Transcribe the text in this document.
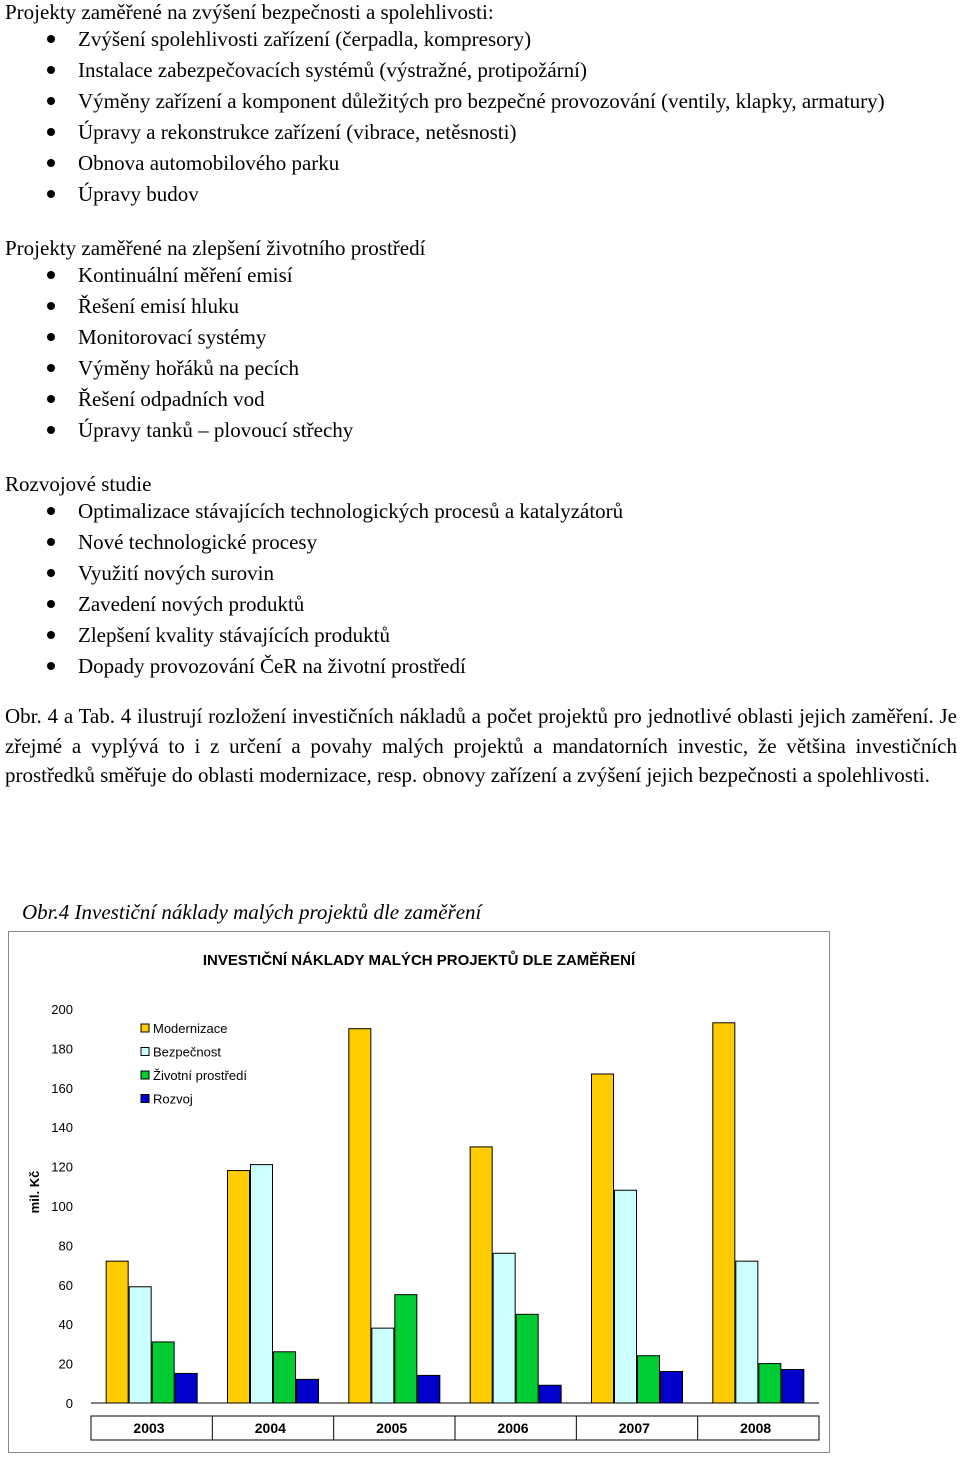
Projekty zaměřené na zvýšení bezpečnosti a spolehlivosti:

Zvýšení spolehlivosti zařízení (čerpadla, kompresory)
Instalace zabezpečovacích systémů (výstražné, protipožární)
Výměny zařízení a komponent důležitých pro bezpečné provozování (ventily, klapky, armatury)
Úpravy a rekonstrukce zařízení (vibrace, netěsnosti)
Obnova automobilového parku
Úpravy budov

Projekty zaměřené na zlepšení životního prostředí

Kontinuální měření emisí
Řešení emisí hluku
Monitorovací systémy
Výměny hořáků na pecích
Řešení odpadních vod
Úpravy tanků – plovoucí střechy

Rozvojové studie

Optimalizace stávajících technologických procesů a katalyzátorů
Nové technologické procesy
Využití nových surovin
Zavedení nových produktů
Zlepšení kvality stávajících produktů
Dopady provozování ČeR na životní prostředí

Obr. 4 a Tab. 4 ilustrují rozložení investičních nákladů a počet projektů pro jednotlivé oblasti jejich zaměření. Je zřejmé a vyplývá to i z určení a povahy malých projektů a mandatorních investic, že většina investičních prostředků směřuje do oblasti modernizace, resp. obnovy zařízení a zvýšení jejich bezpečnosti a spolehlivosti.

Obr.4 Investiční náklady malých projektů dle zaměření

INVESTIČNÍ NÁKLADY MALÝCH PROJEKTŮ DLE ZAMĚŘENÍ
mil. Kč
0
20
40
60
80
100
120
140
160
180
200
2003	2004	2005	2006	2007	2008
Modernizace
Bezpečnost
Životní prostředí
Rozvoj
